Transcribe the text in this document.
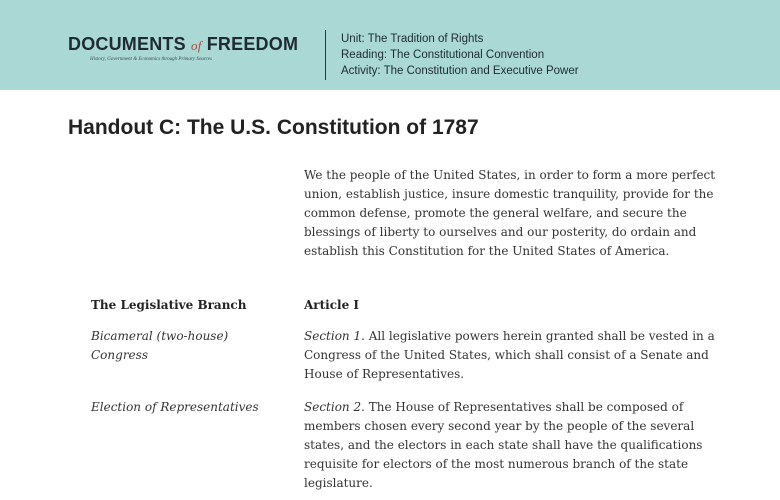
DOCUMENTS of FREEDOM
History, Government & Economics through Primary Sources
Unit: The Tradition of Rights
Reading: The Constitutional Convention
Activity: The Constitution and Executive Power
Handout C: The U.S. Constitution of 1787
We the people of the United States, in order to form a more perfect union, establish justice, insure domestic tranquility, provide for the common defense, promote the general welfare, and secure the blessings of liberty to ourselves and our posterity, do ordain and establish this Constitution for the United States of America.
The Legislative Branch	Article I
Bicameral (two-house) Congress
Section 1. All legislative powers herein granted shall be vested in a Congress of the United States, which shall consist of a Senate and House of Representatives.
Election of Representatives	Section 2. The House of Representatives shall be composed of members chosen every second year by the people of the several states, and the electors in each state shall have the qualifications requisite for electors of the most numerous branch of the state legislature.
